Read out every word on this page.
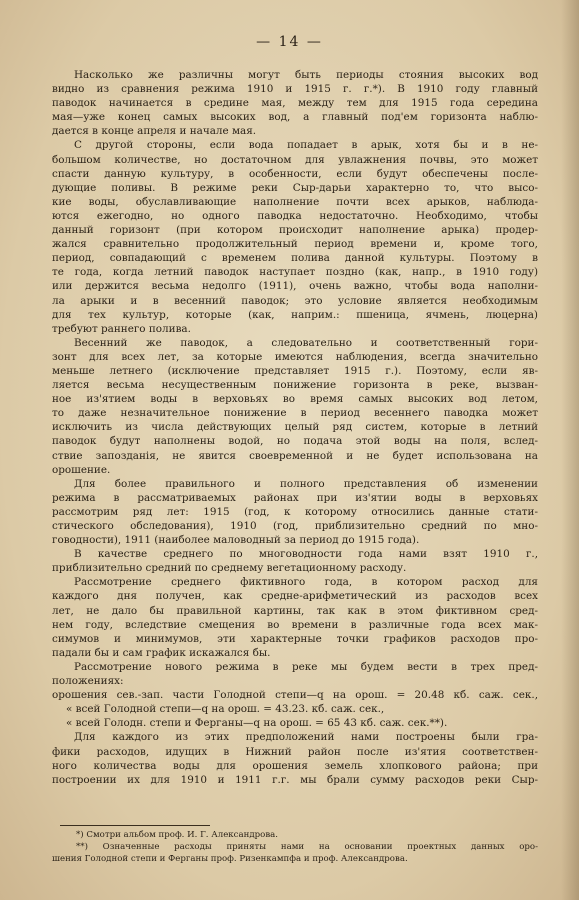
— 14 —
Насколько же различны могут быть периоды стояния высоких вод
видно из сравнения режима 1910 и 1915 г. г.*). В 1910 году главный
паводок начинается в средине мая, между тем для 1915 года середина
мая—уже конец самых высоких вод, а главный под'ем горизонта наблю-
дается в конце апреля и начале мая.
С другой стороны, если вода попадает в арык, хотя бы и в не-
большом количестве, но достаточном для увлажнения почвы, это может
спасти данную культуру, в особенности, если будут обеспечены после-
дующие поливы. В режиме реки Сыр-дарьи характерно то, что высо-
кие воды, обуславливающие наполнение почти всех арыков, наблюда-
ются ежегодно, но одного паводка недостаточно. Необходимо, чтобы
данный горизонт (при котором происходит наполнение арыка) продер-
жался сравнительно продолжительный период времени и, кроме того,
период, совпадающий с временем полива данной культуры. Поэтому в
те года, когда летний паводок наступает поздно (как, напр., в 1910 году)
или держится весьма недолго (1911), очень важно, чтобы вода наполни-
ла арыки и в весенний паводок; это условие является необходимым
для тех культур, которые (как, наприм.: пшеница, ячмень, люцерна)
требуют раннего полива.
Весенний же паводок, а следовательно и соответственный гори-
зонт для всех лет, за которые имеются наблюдения, всегда значительно
меньше летнего (исключение представляет 1915 г.). Поэтому, если яв-
ляется весьма несущественным понижение горизонта в реке, вызван-
ное из'ятием воды в верховьях во время самых высоких вод летом,
то даже незначительное понижение в период весеннего паводка может
исключить из числа действующих целый ряд систем, которые в летний
паводок будут наполнены водой, но подача этой воды на поля, вслед-
ствие запозданiя, не явится своевременной и не будет использована на
орошение.
Для более правильного и полного представления об изменении
режима в рассматриваемых районах при из'ятии воды в верховьях
рассмотрим ряд лет: 1915 (год, к которому относились данные стати-
стического обследования), 1910 (год, приблизительно средний по мно-
говодности), 1911 (наиболее маловодный за период до 1915 года).
В качестве среднего по многоводности года нами взят 1910 г.,
приблизительно средний по среднему вегетационному расходу.
Рассмотрение среднего фиктивного года, в котором расход для
каждого дня получен, как средне-арифметический из расходов всех
лет, не дало бы правильной картины, так как в этом фиктивном сред-
нем году, вследствие смещения во времени в различные года всех мак-
симумов и минимумов, эти характерные точки графиков расходов про-
падали бы и сам график искажался бы.
Рассмотрение нового режима в реке мы будем вести в трех пред-
положениях:
орошения сев.-зап. части Голодной степи—q на орош. = 20.48 кб. саж. сек.,
« всей Голодной степи—q на орош. = 43.23. кб. саж. сек.,
« всей Голодн. степи и Ферганы—q на орош. = 65 43 кб. саж. сек.**).
Для каждого из этих предположений нами построены были гра-
фики расходов, идущих в Нижний район после из'ятия соответствен-
ного количества воды для орошения земель хлопкового района; при
построении их для 1910 и 1911 г.г. мы брали сумму расходов реки Сыр-
*) Смотри альбом проф. И. Г. Александрова.
**) Означенные расходы приняты нами на основании проектных данных оро-
шения Голодной степи и Ферганы проф. Ризенкампфа и проф. Александрова.
